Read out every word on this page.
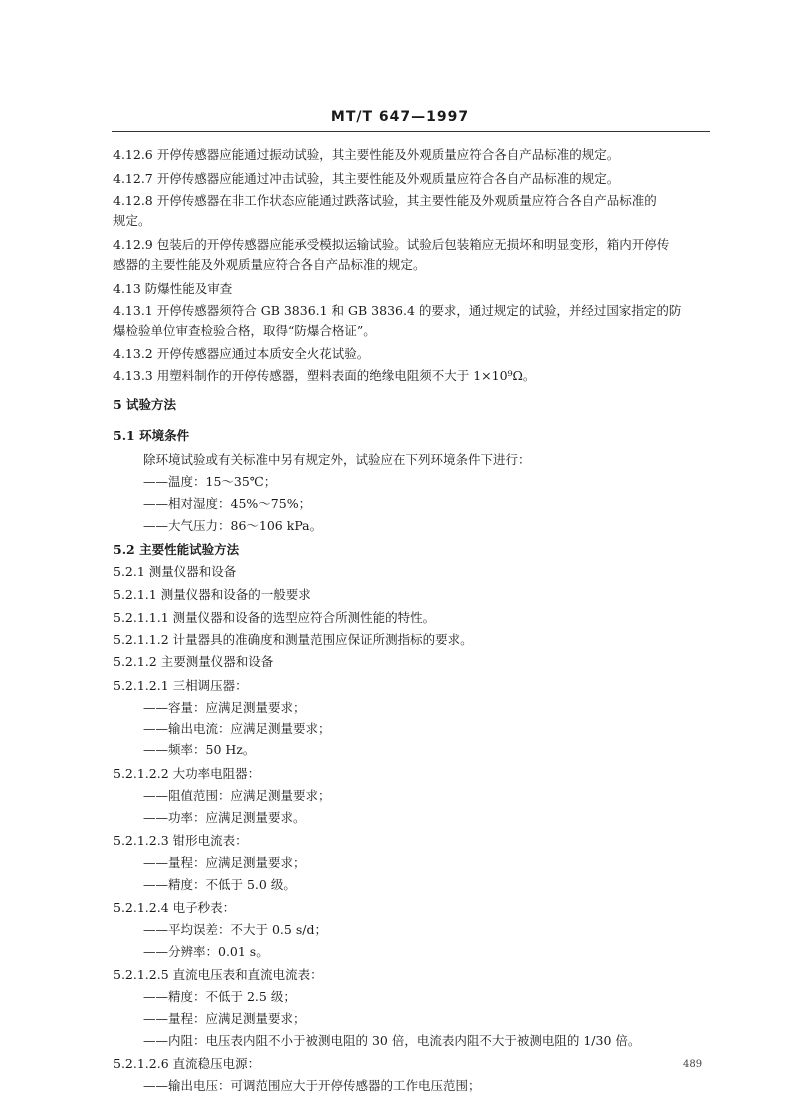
MT/T 647—1997
4.12.6 开停传感器应能通过振动试验，其主要性能及外观质量应符合各自产品标准的规定。
4.12.7 开停传感器应能通过冲击试验，其主要性能及外观质量应符合各自产品标准的规定。
4.12.8 开停传感器在非工作状态应能通过跌落试验，其主要性能及外观质量应符合各自产品标准的
规定。
4.12.9 包装后的开停传感器应能承受模拟运输试验。试验后包装箱应无损坏和明显变形，箱内开停传
感器的主要性能及外观质量应符合各自产品标准的规定。
4.13 防爆性能及审查
4.13.1 开停传感器须符合 GB 3836.1 和 GB 3836.4 的要求，通过规定的试验，并经过国家指定的防
爆检验单位审查检验合格，取得“防爆合格证”。
4.13.2 开停传感器应通过本质安全火花试验。
4.13.3 用塑料制作的开停传感器，塑料表面的绝缘电阻须不大于 1×10⁹Ω。
5 试验方法
5.1 环境条件
除环境试验或有关标准中另有规定外，试验应在下列环境条件下进行：
——温度：15～35℃；
——相对湿度：45%～75%；
——大气压力：86～106 kPa。
5.2 主要性能试验方法
5.2.1 测量仪器和设备
5.2.1.1 测量仪器和设备的一般要求
5.2.1.1.1 测量仪器和设备的选型应符合所测性能的特性。
5.2.1.1.2 计量器具的准确度和测量范围应保证所测指标的要求。
5.2.1.2 主要测量仪器和设备
5.2.1.2.1 三相调压器：
——容量：应满足测量要求；
——输出电流：应满足测量要求；
——频率：50 Hz。
5.2.1.2.2 大功率电阻器：
——阻值范围：应满足测量要求；
——功率：应满足测量要求。
5.2.1.2.3 钳形电流表：
——量程：应满足测量要求；
——精度：不低于 5.0 级。
5.2.1.2.4 电子秒表：
——平均误差：不大于 0.5 s/d；
——分辨率：0.01 s。
5.2.1.2.5 直流电压表和直流电流表：
——精度：不低于 2.5 级；
——量程：应满足测量要求；
——内阻：电压表内阻不小于被测电阻的 30 倍，电流表内阻不大于被测电阻的 1/30 倍。
5.2.1.2.6 直流稳压电源：
——输出电压：可调范围应大于开停传感器的工作电压范围；
489
